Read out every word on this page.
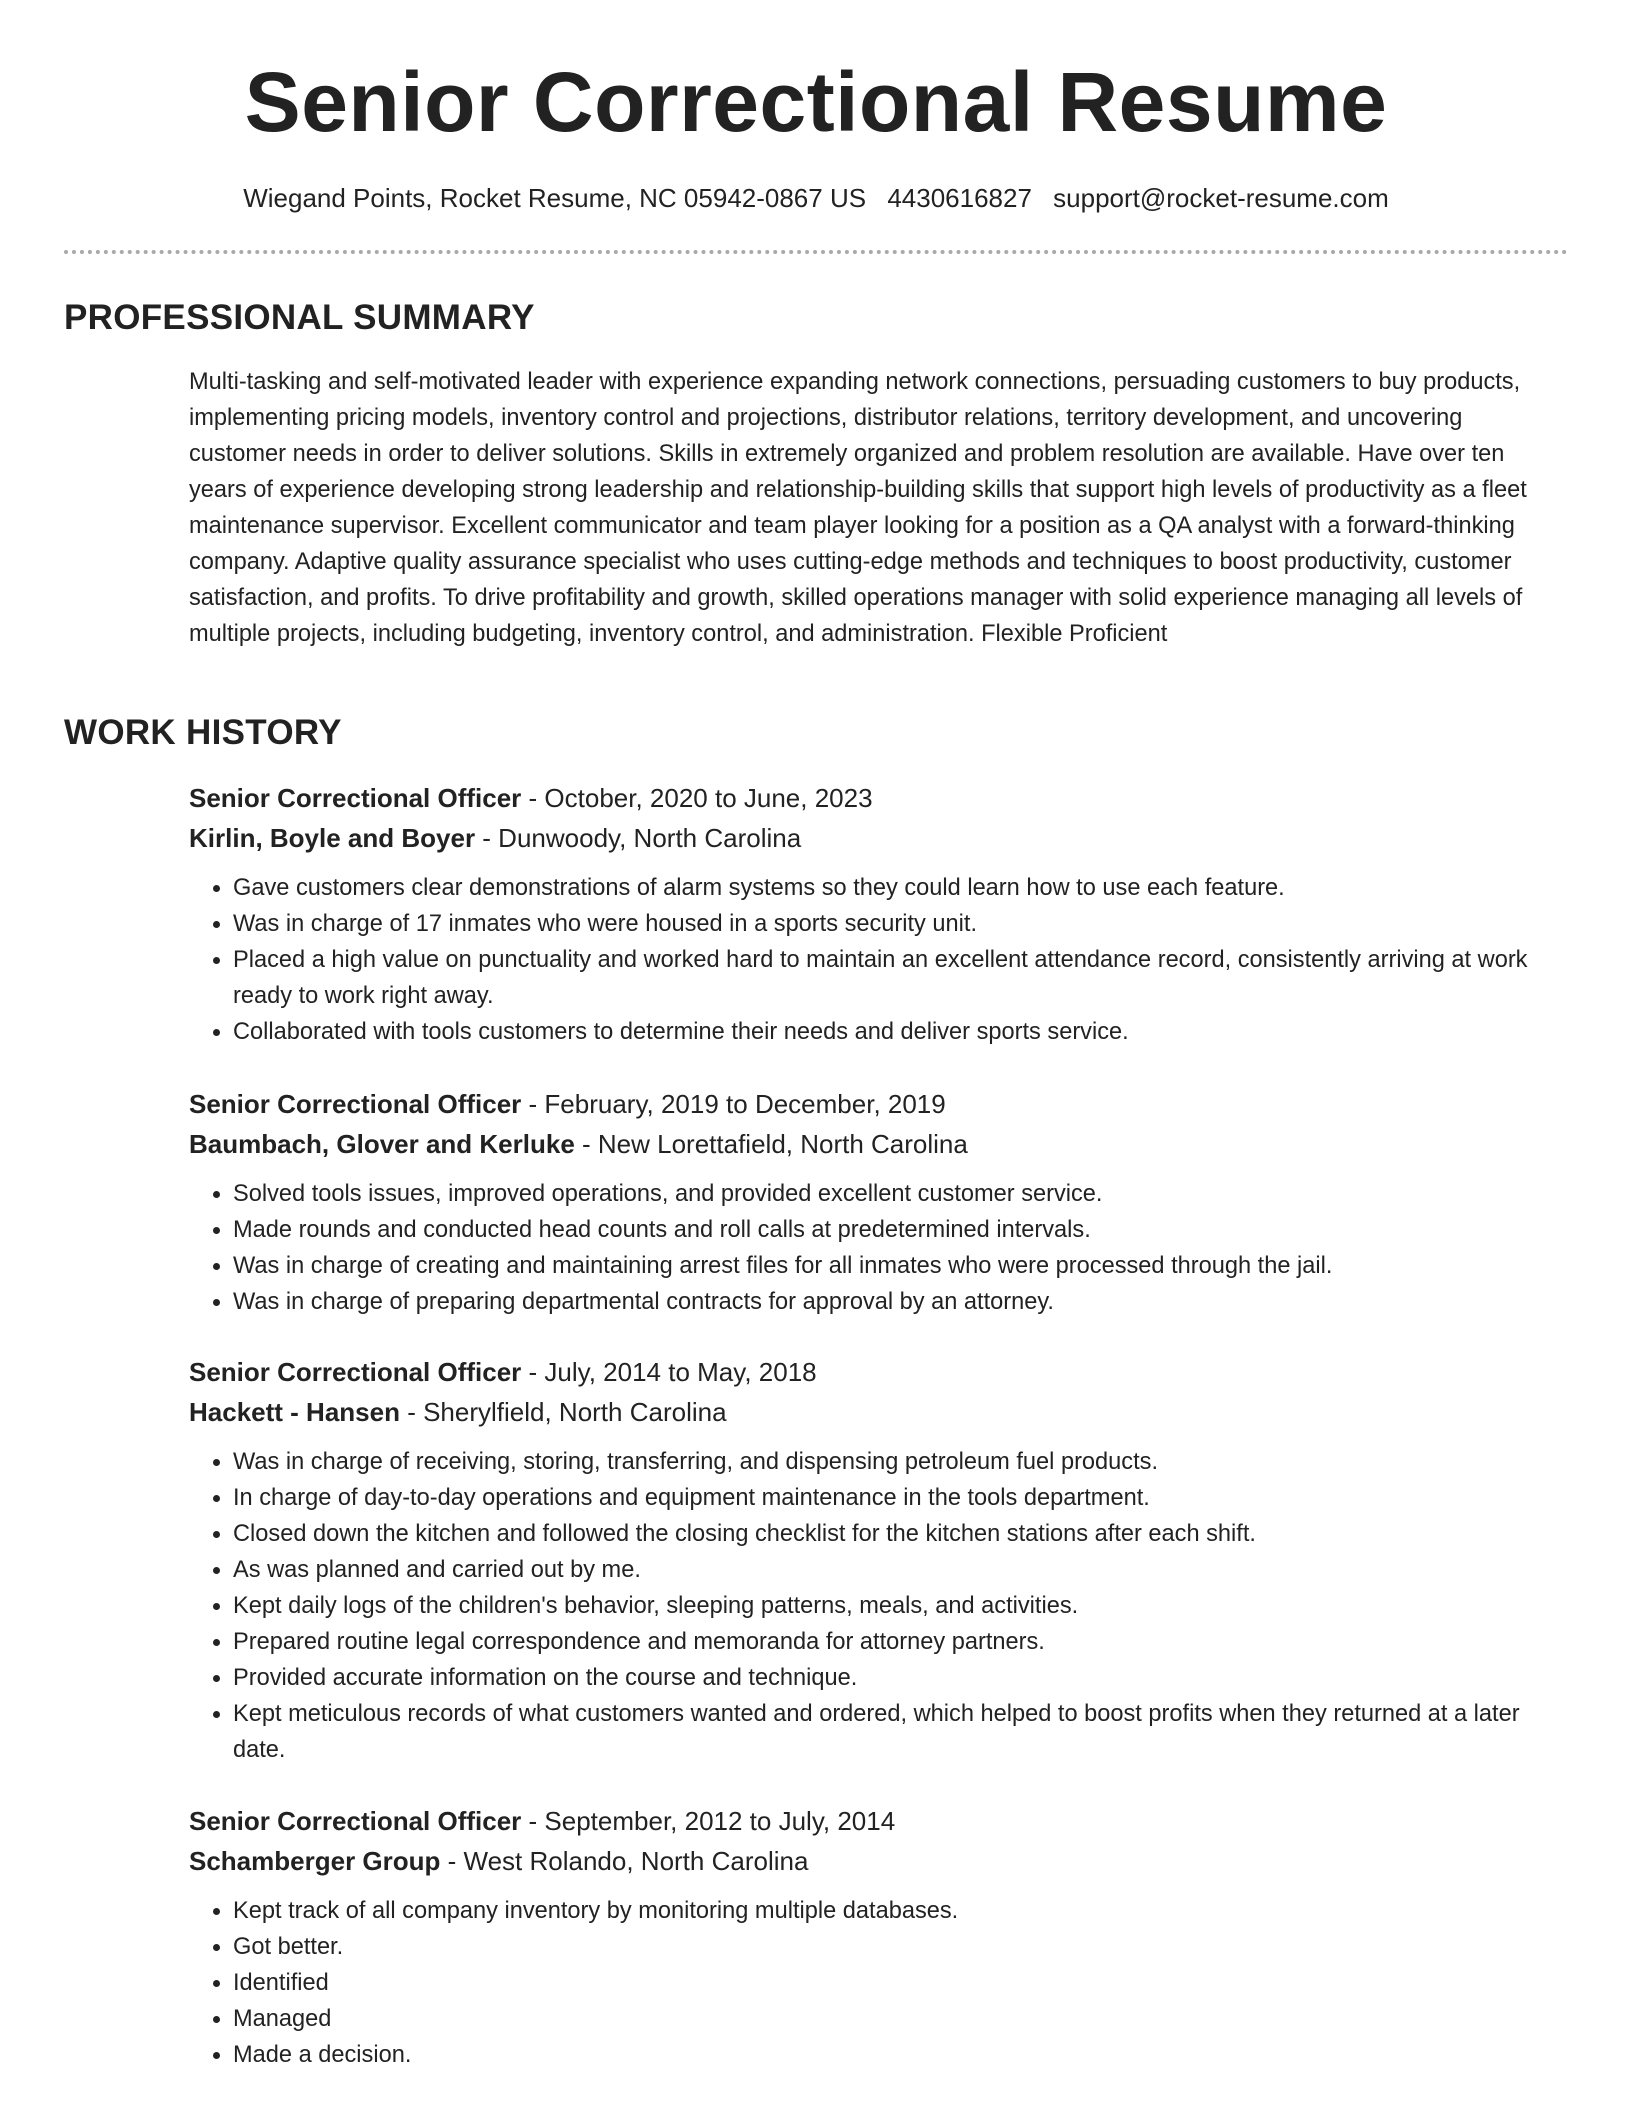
Senior Correctional Resume
Wiegand Points, Rocket Resume, NC 05942-0867 US 4430616827 support@rocket-resume.com
PROFESSIONAL SUMMARY
Multi-tasking and self-motivated leader with experience expanding network connections, persuading customers to buy products, implementing pricing models, inventory control and projections, distributor relations, territory development, and uncovering customer needs in order to deliver solutions. Skills in extremely organized and problem resolution are available. Have over ten years of experience developing strong leadership and relationship-building skills that support high levels of productivity as a fleet maintenance supervisor. Excellent communicator and team player looking for a position as a QA analyst with a forward-thinking company. Adaptive quality assurance specialist who uses cutting-edge methods and techniques to boost productivity, customer satisfaction, and profits. To drive profitability and growth, skilled operations manager with solid experience managing all levels of multiple projects, including budgeting, inventory control, and administration. Flexible Proficient
WORK HISTORY
Senior Correctional Officer - October, 2020 to June, 2023
Kirlin, Boyle and Boyer - Dunwoody, North Carolina
• Gave customers clear demonstrations of alarm systems so they could learn how to use each feature.
• Was in charge of 17 inmates who were housed in a sports security unit.
• Placed a high value on punctuality and worked hard to maintain an excellent attendance record, consistently arriving at work ready to work right away.
• Collaborated with tools customers to determine their needs and deliver sports service.
Senior Correctional Officer - February, 2019 to December, 2019
Baumbach, Glover and Kerluke - New Lorettafield, North Carolina
• Solved tools issues, improved operations, and provided excellent customer service.
• Made rounds and conducted head counts and roll calls at predetermined intervals.
• Was in charge of creating and maintaining arrest files for all inmates who were processed through the jail.
• Was in charge of preparing departmental contracts for approval by an attorney.
Senior Correctional Officer - July, 2014 to May, 2018
Hackett - Hansen - Sherylfield, North Carolina
• Was in charge of receiving, storing, transferring, and dispensing petroleum fuel products.
• In charge of day-to-day operations and equipment maintenance in the tools department.
• Closed down the kitchen and followed the closing checklist for the kitchen stations after each shift.
• As was planned and carried out by me.
• Kept daily logs of the children's behavior, sleeping patterns, meals, and activities.
• Prepared routine legal correspondence and memoranda for attorney partners.
• Provided accurate information on the course and technique.
• Kept meticulous records of what customers wanted and ordered, which helped to boost profits when they returned at a later date.
Senior Correctional Officer - September, 2012 to July, 2014
Schamberger Group - West Rolando, North Carolina
• Kept track of all company inventory by monitoring multiple databases.
• Got better.
• Identified
• Managed
• Made a decision.
